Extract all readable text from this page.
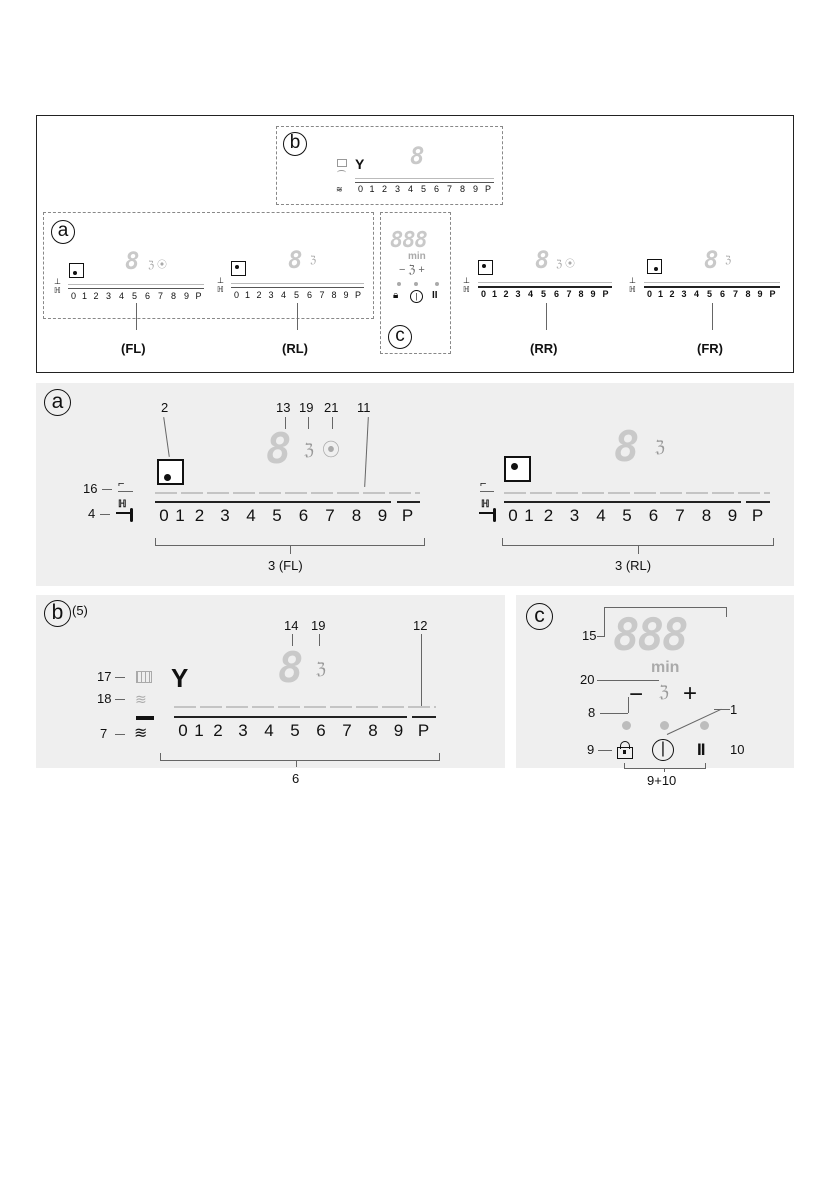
b
Y 8
≋	0 1 2 3 4 5 6 7 8 9 P
a
8 ℨ ⦿
⊥
ℍ
0 1 2 3 4 5 6 7 8 9 P
(FL)
8 ℨ
⊥
ℍ
0 1 2 3 4 5 6 7 8 9 P
(RL)
888
min
− ℨ +
🔒︎	|	II
c
8 ℨ ⦿
⊥
ℍ	0 1 2 3 4 5 6 7 8 9 P
(RR)
8 ℨ
⊥
ℍ	0 1 2 3 4 5 6 7 8 9 P
(FR)
a	2	13 19 21 11
8 ℨ ⦿
16 ⌐
4
ℍ
0 1 2 3 4 5	6	7	8 9 P
3 (FL)
8 ℨ
⌐
ℍ
0 1 2 3	4 5	6	7	8 9 P
3 (RL)
b (5)
14 19	12
8 ℨ
17
18 ≋
Y
7 ≋ 0 1 2 3 4 5 6 7 8 9 P
6
c
15 888
min
20
− ℨ +
8	1
9	|	II 10
9+10
